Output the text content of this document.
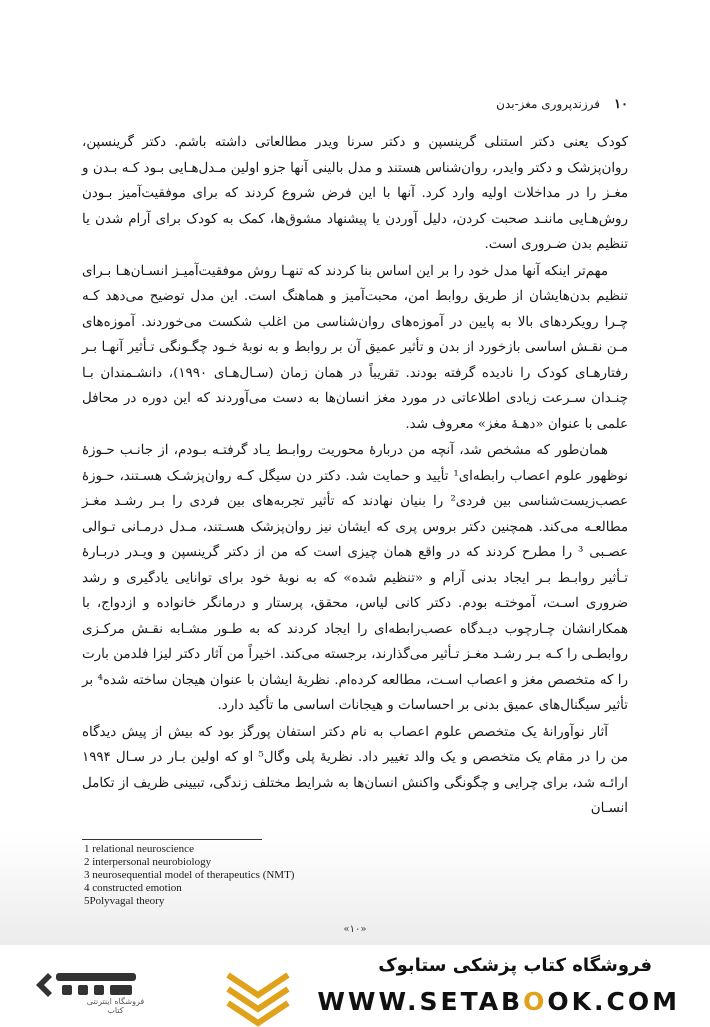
۱۰
فرزندپروری مغز-بدن

کودک یعنی دکتر استنلی گرینسپن و دکتر سرنا ویدر مطالعاتی داشته باشم. دکتر گرینسپن، روان‌پزشک و دکتر وایدر، روان‌شناس هستند و مدل بالینی آنها جزو اولین مـدل‌هـایی بـود کـه بـدن و مغـز را در مداخلات اولیه وارد کرد. آنها با این فرض شروع کردند که برای موفقیت‌آمیز بـودن روش‌هـایی ماننـد صحبت کردن، دلیل آوردن یا پیشنهاد مشوق‌ها، کمک به کودک برای آرام شدن یا تنظیم بدن ضـروری است.

مهم‌تر اینکه آنها مدل خود را بر این اساس بنا کردند که تنهـا روش موفقیت‌آمیـز انسـان‌هـا بـرای تنظیم بدن‌هایشان از طریق روابط امن، محبت‌آمیز و هماهنگ است. این مدل توضیح می‌دهد کـه چـرا رویکردهای بالا به پایین در آموزه‌های روان‌شناسی من اغلب شکست می‌خوردند. آموزه‌های مـن نقـش اساسی بازخورد از بدن و تأثیر عمیق آن بر روابط و به نوبهٔ خـود چگـونگی تـأثیر آنهـا بـر رفتارهـای کودک را نادیده گرفته بودند. تقریباً در همان زمان (سـال‌هـای ۱۹۹۰)، دانشـمندان بـا چنـدان سـرعت زیادی اطلاعاتی در مورد مغز انسان‌ها به دست می‌آوردند که این دوره در محافل علمی با عنوان «دهـهٔ مغز» معروف شد.

همان‌طور که مشخص شد، آنچه من دربارهٔ محوریت روابـط یـاد گرفتـه بـودم، از جانـب حـوزهٔ نوظهور علوم اعصاب رابطه‌ای¹ تأیید و حمایت شد. دکتر دن سیگل کـه روان‌پزشـک هسـتند، حـوزهٔ عصب‌زیست‌شناسی بین فردی² را بنیان نهادند که تأثیر تجربه‌های بین فردی را بـر رشـد مغـز مطالعـه می‌کند. همچنین دکتر بروس پری که ایشان نیز روان‌پزشک هسـتند، مـدل درمـانی تـوالی عصـبی ³ را مطرح کردند که در واقع همان چیزی است که من از دکتر گرینسپن و ویـدر دربـارهٔ تـأثیر روابـط بـر ایجاد بدنی آرام و «تنظیم شده» که به نوبهٔ خود برای توانایی یادگیری و رشد ضروری اسـت، آموختـه بودم. دکتر کانی لیاس، محقق، پرستار و درمانگر خانواده و ازدواج، با همکارانشان چـارچوب دیـدگاه عصب‌رابطه‌ای را ایجاد کردند که به طـور مشـابه نقـش مرکـزی روابطـی را کـه بـر رشـد مغـز تـأثیر می‌گذارند، برجسته می‌کند. اخیراً من آثار دکتر لیزا فلدمن بارت را که متخصص مغز و اعصاب اسـت، مطالعه کرده‌ام. نظریهٔ ایشان با عنوان هیجان ساخته شده⁴ بر تأثیر سیگنال‌های عمیق بدنی بر احساسات و هیجانات اساسی ما تأکید دارد.

آثار نوآورانهٔ یک متخصص علوم اعصاب به نام دکتر استفان پورگز بود که بیش از پیش دیدگاه من را در مقام یک متخصص و یک والد تغییر داد. نظریهٔ پلی وگال⁵ او که اولین بـار در سـال ۱۹۹۴ ارائـه شد، برای چرایی و چگونگی واکنش انسان‌ها به شرایط مختلف زندگی، تبیینی ظریف از تکامل انسـان

1 relational neuroscience
2 interpersonal neurobiology
3 neurosequential model of therapeutics (NMT)
4 constructed emotion
5Polyvagal theory
«۱۰»
فروشگاه اینترنتی کتاب
فروشگاه کتاب پزشکی ستابوک
WWW.SETABOOK.COM
